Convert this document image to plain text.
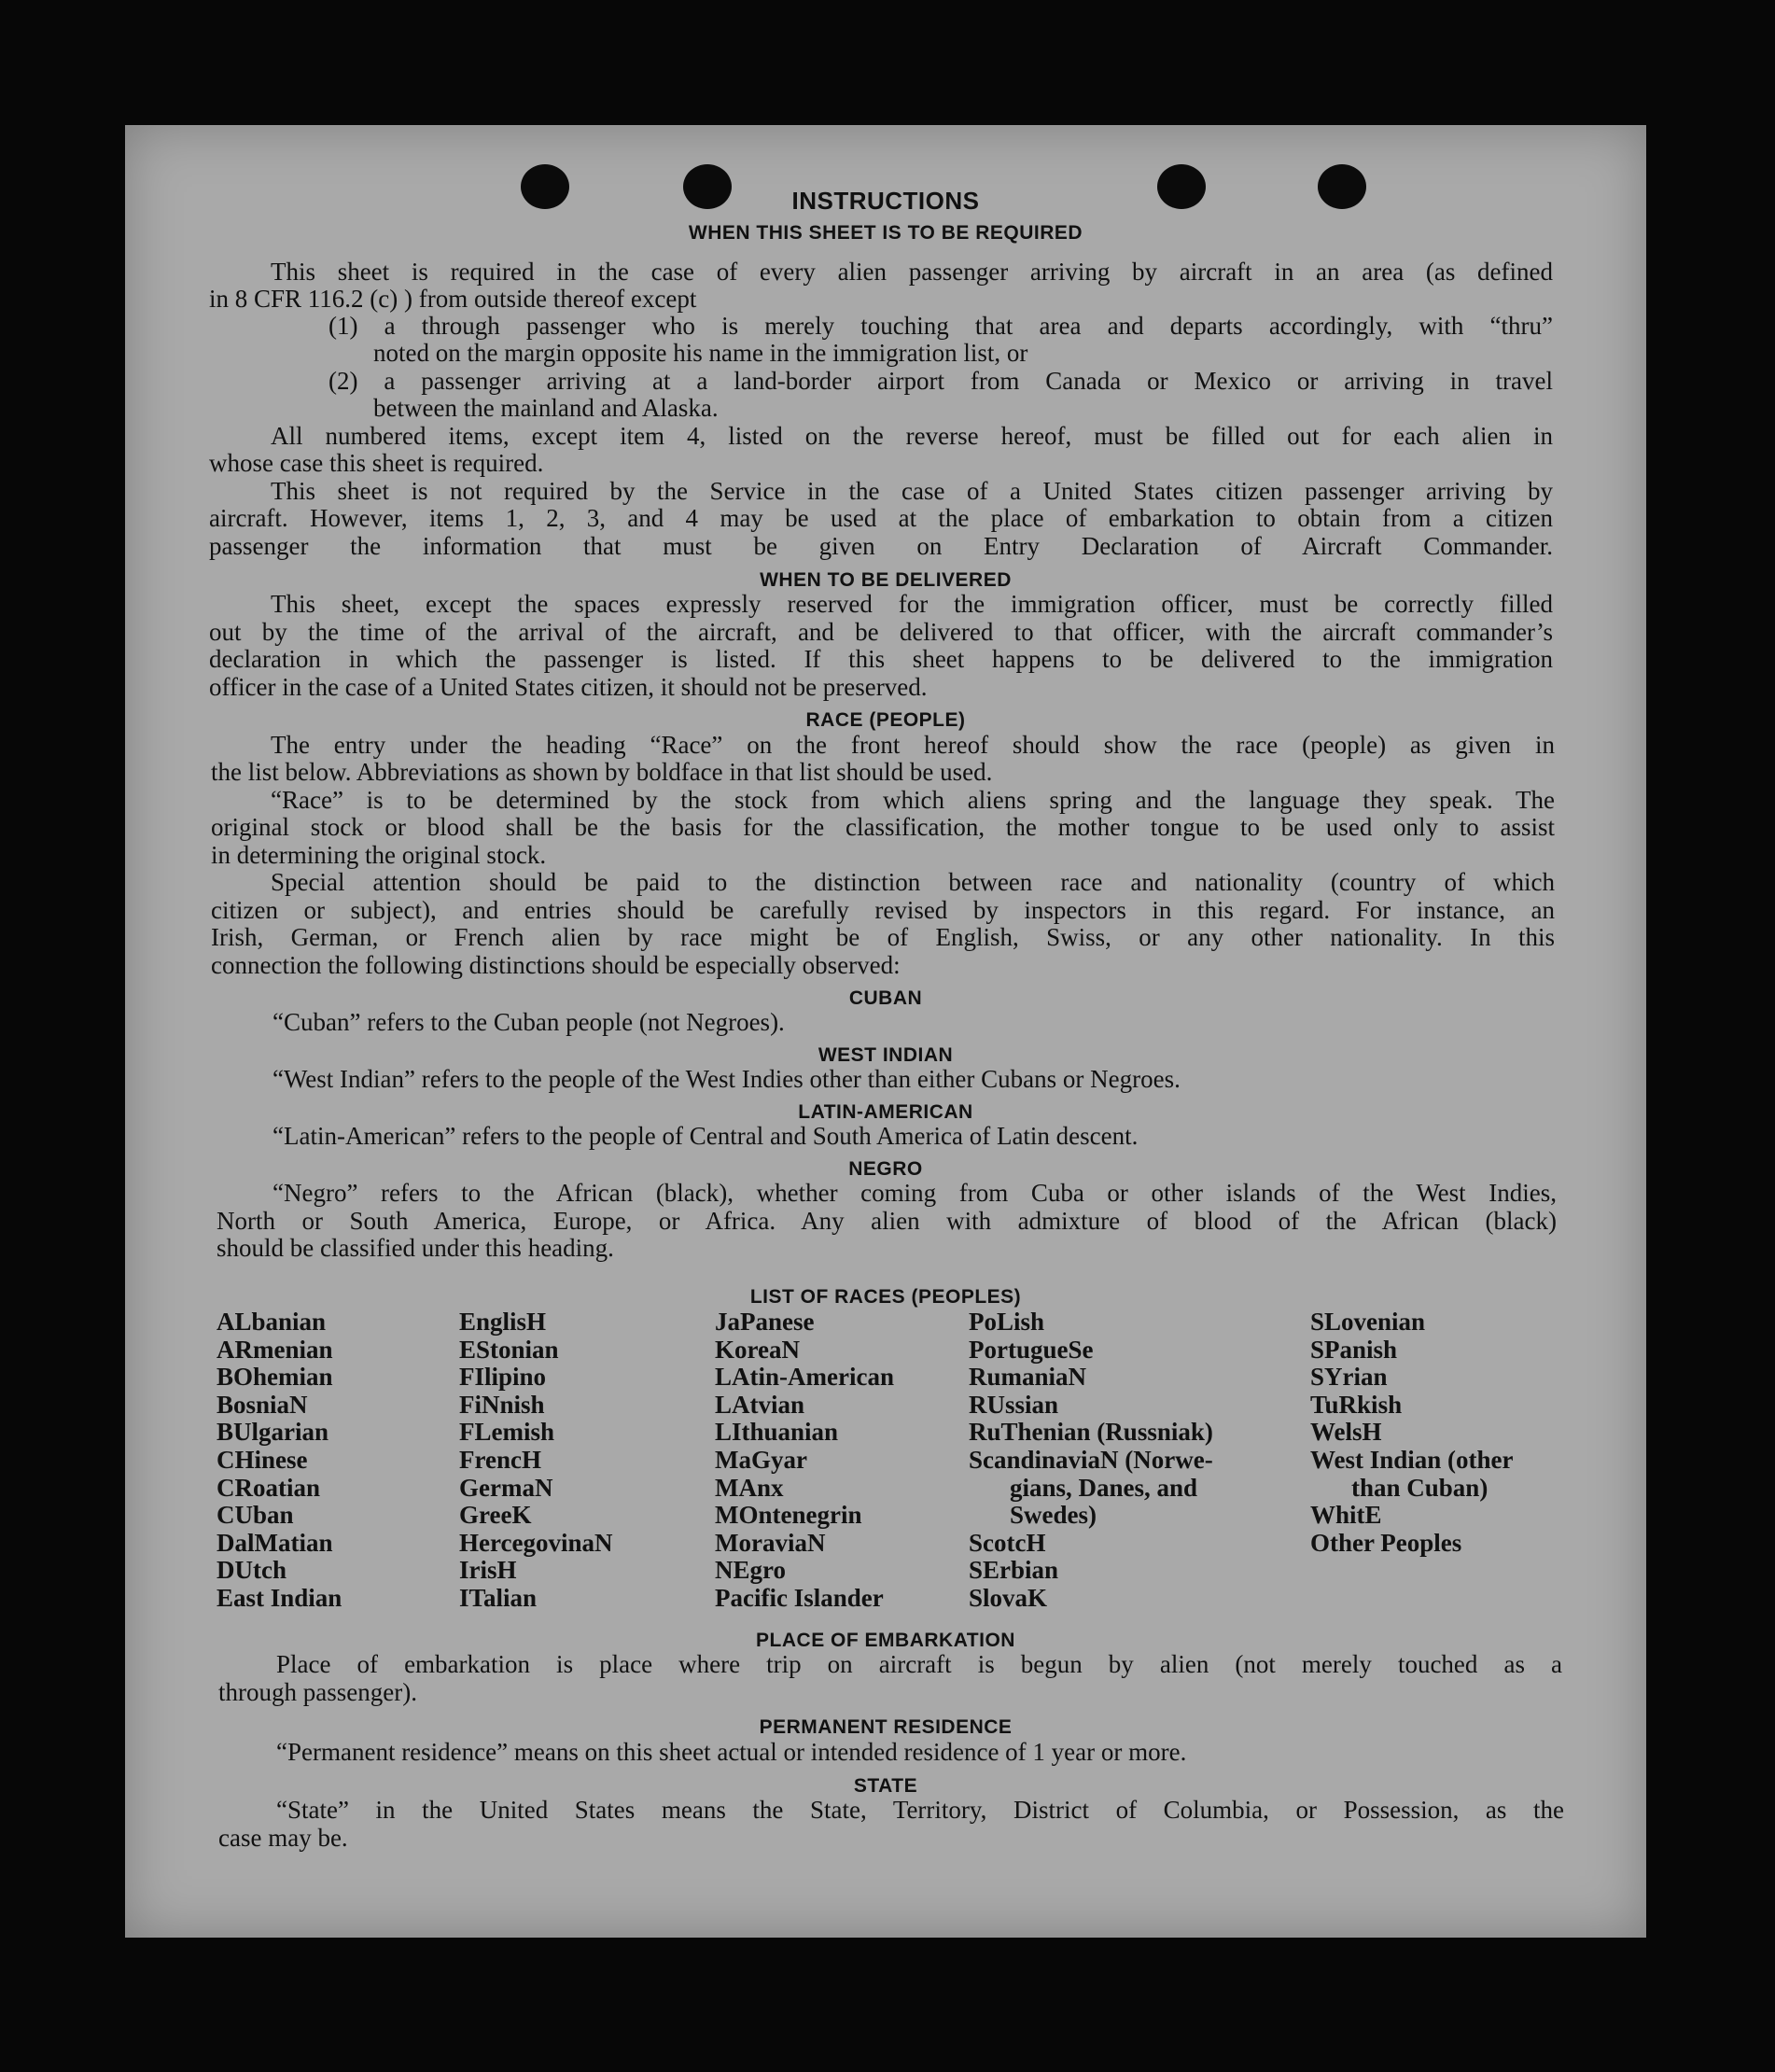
INSTRUCTIONS
WHEN THIS SHEET IS TO BE REQUIRED
This sheet is required in the case of every alien passenger arriving by aircraft in an area (as defined
in 8 CFR 116.2 (c) ) from outside thereof except
(1) a through passenger who is merely touching that area and departs accordingly, with “thru”
noted on the margin opposite his name in the immigration list, or
(2) a passenger arriving at a land-border airport from Canada or Mexico or arriving in travel
between the mainland and Alaska.
All numbered items, except item 4, listed on the reverse hereof, must be filled out for each alien in
whose case this sheet is required.
This sheet is not required by the Service in the case of a United States citizen passenger arriving by
aircraft. However, items 1, 2, 3, and 4 may be used at the place of embarkation to obtain from a citizen
passenger the information that must be given on Entry Declaration of Aircraft Commander.
WHEN TO BE DELIVERED
This sheet, except the spaces expressly reserved for the immigration officer, must be correctly filled
out by the time of the arrival of the aircraft, and be delivered to that officer, with the aircraft commander’s
declaration in which the passenger is listed. If this sheet happens to be delivered to the immigration
officer in the case of a United States citizen, it should not be preserved.
RACE (PEOPLE)
The entry under the heading “Race” on the front hereof should show the race (people) as given in
the list below. Abbreviations as shown by boldface in that list should be used.
“Race” is to be determined by the stock from which aliens spring and the language they speak. The
original stock or blood shall be the basis for the classification, the mother tongue to be used only to assist
in determining the original stock.
Special attention should be paid to the distinction between race and nationality (country of which
citizen or subject), and entries should be carefully revised by inspectors in this regard. For instance, an
Irish, German, or French alien by race might be of English, Swiss, or any other nationality. In this
connection the following distinctions should be especially observed:
CUBAN
“Cuban” refers to the Cuban people (not Negroes).
WEST INDIAN
“West Indian” refers to the people of the West Indies other than either Cubans or Negroes.
LATIN-AMERICAN
“Latin-American” refers to the people of Central and South America of Latin descent.
NEGRO
“Negro” refers to the African (black), whether coming from Cuba or other islands of the West Indies,
North or South America, Europe, or Africa. Any alien with admixture of blood of the African (black)
should be classified under this heading.
LIST OF RACES (PEOPLES)
ALbanian
ARmenian
BOhemian
BosniaN
BUlgarian
CHinese
CRoatian
CUban
DalMatian
DUtch
East Indian
EnglisH
EStonian
FIlipino
FiNnish
FLemish
FrencH
GermaN
GreeK
HercegovinaN
IrisH
ITalian
JaPanese
KoreaN
LAtin-American
LAtvian
LIthuanian
MaGyar
MAnx
MOntenegrin
MoraviaN
NEgro
Pacific Islander
PoLish
PortugueSe
RumaniaN
RUssian
RuThenian (Russniak)
ScandinaviaN (Norwe-
gians, Danes, and
Swedes)
ScotcH
SErbian
SlovaK
SLovenian
SPanish
SYrian
TuRkish
WelsH
West Indian (other
than Cuban)
WhitE
Other Peoples
PLACE OF EMBARKATION
Place of embarkation is place where trip on aircraft is begun by alien (not merely touched as a
through passenger).
PERMANENT RESIDENCE
“Permanent residence” means on this sheet actual or intended residence of 1 year or more.
STATE
“State” in the United States means the State, Territory, District of Columbia, or Possession, as the
case may be.
